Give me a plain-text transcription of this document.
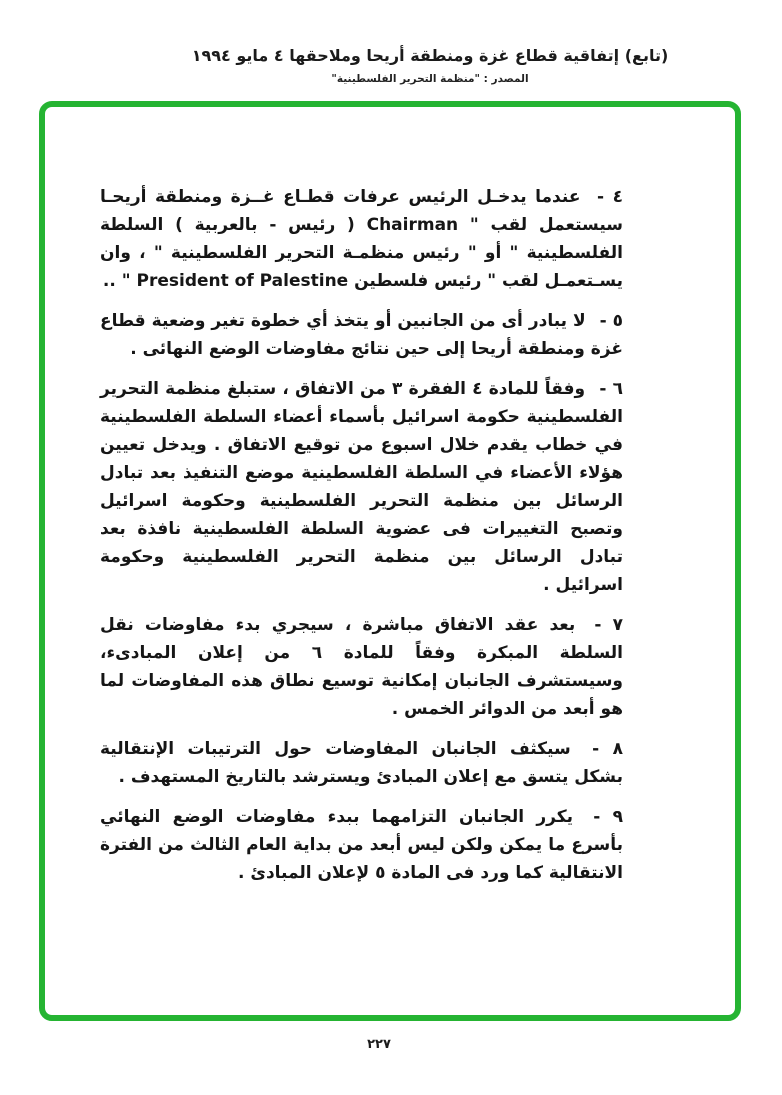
(تابع) إتفاقية قطاع غزة ومنطقة أريحا وملاحقها ٤ مايو ١٩٩٤
المصدر : "منظمة التحرير الفلسطينية"

٤ - عندما يدخـل الرئيس عرفات قطـاع غــزة ومنطقة أريحـا سيستعمل لقب " Chairman ( رئيس - بالعربية ) السلطة الفلسطينية " أو " رئيس منظمـة التحرير الفلسطينية " ، وان يسـتعمـل لقب " رئيس فلسطين President of Palestine " ..

٥ - لا يبادر أى من الجانبين أو يتخذ أي خطوة تغير وضعية قطاع غزة ومنطقة أريحا إلى حين نتائج مفاوضات الوضع النهائى .

٦ - وفقاً للمادة ٤ الفقرة ٣ من الاتفاق ، ستبلغ منظمة التحرير الفلسطينية حكومة اسرائيل بأسماء أعضاء السلطة الفلسطينية في خطاب يقدم خلال اسبوع من توقيع الاتفاق . ويدخل تعيين هؤلاء الأعضاء في السلطة الفلسطينية موضع التنفيذ بعد تبادل الرسائل بين منظمة التحرير الفلسطينية وحكومة اسرائيل وتصبح التغييرات فى عضوية السلطة الفلسطينية نافذة بعد تبادل الرسائل بين منظمة التحرير الفلسطينية وحكومة اسرائيل .

٧ - بعد عقد الاتفاق مباشرة ، سيجري بدء مفاوضات نقل السلطة المبكرة وفقاً للمادة ٦ من إعلان المبادىء، وسيستشرف الجانبان إمكانية توسيع نطاق هذه المفاوضات لما هو أبعد من الدوائر الخمس .

٨ - سيكثف الجانبان المفاوضات حول الترتيبات الإنتقالية بشكل يتسق مع إعلان المبادئ ويسترشد بالتاريخ المستهدف .

٩ - يكرر الجانبان التزامهما ببدء مفاوضات الوضع النهائي بأسرع ما يمكن ولكن ليس أبعد من بداية العام الثالث من الفترة الانتقالية كما ورد فى المادة ٥ لإعلان المبادئ .

٢٢٧
